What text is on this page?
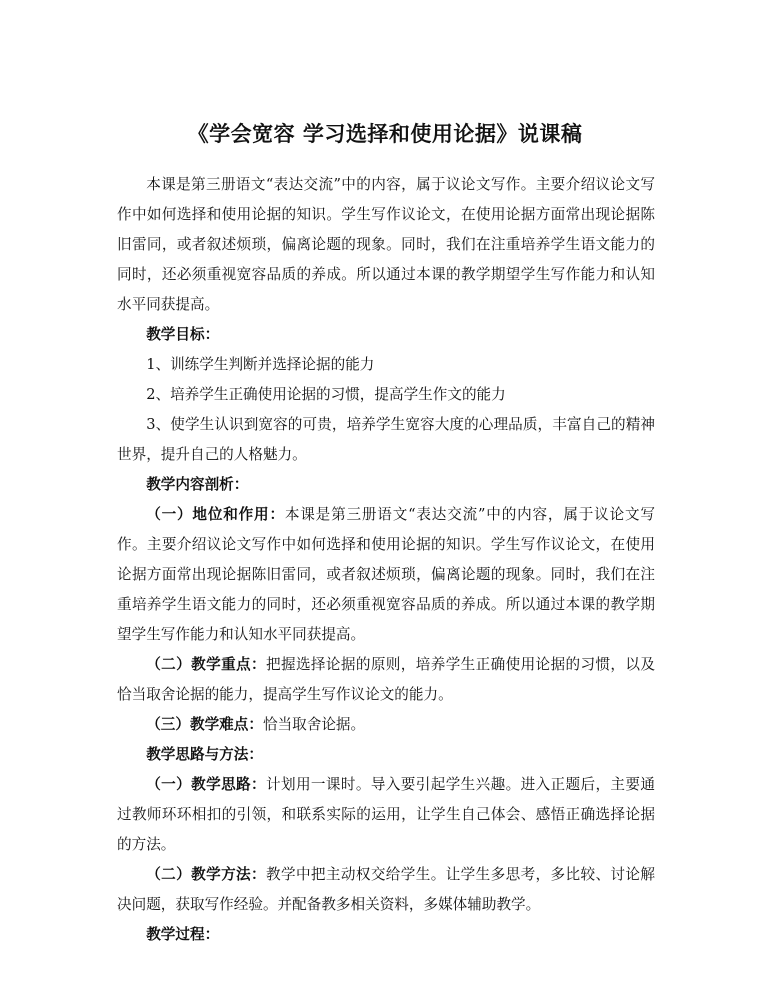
《学会宽容 学习选择和使用论据》说课稿

本课是第三册语文“表达交流”中的内容，属于议论文写作。主要介绍议论文写作中如何选择和使用论据的知识。学生写作议论文，在使用论据方面常出现论据陈旧雷同，或者叙述烦琐，偏离论题的现象。同时，我们在注重培养学生语文能力的同时，还必须重视宽容品质的养成。所以通过本课的教学期望学生写作能力和认知水平同获提高。

教学目标：

1、训练学生判断并选择论据的能力

2、培养学生正确使用论据的习惯，提高学生作文的能力

3、使学生认识到宽容的可贵，培养学生宽容大度的心理品质，丰富自己的精神世界，提升自己的人格魅力。

教学内容剖析：

（一）地位和作用：本课是第三册语文“表达交流”中的内容，属于议论文写作。主要介绍议论文写作中如何选择和使用论据的知识。学生写作议论文，在使用论据方面常出现论据陈旧雷同，或者叙述烦琐，偏离论题的现象。同时，我们在注重培养学生语文能力的同时，还必须重视宽容品质的养成。所以通过本课的教学期望学生写作能力和认知水平同获提高。

（二）教学重点：把握选择论据的原则，培养学生正确使用论据的习惯，以及恰当取舍论据的能力，提高学生写作议论文的能力。

（三）教学难点：恰当取舍论据。

教学思路与方法：

（一）教学思路：计划用一课时。导入要引起学生兴趣。进入正题后，主要通过教师环环相扣的引领，和联系实际的运用，让学生自己体会、感悟正确选择论据的方法。

（二）教学方法：教学中把主动权交给学生。让学生多思考，多比较、讨论解决问题，获取写作经验。并配备教多相关资料，多媒体辅助教学。

教学过程：
